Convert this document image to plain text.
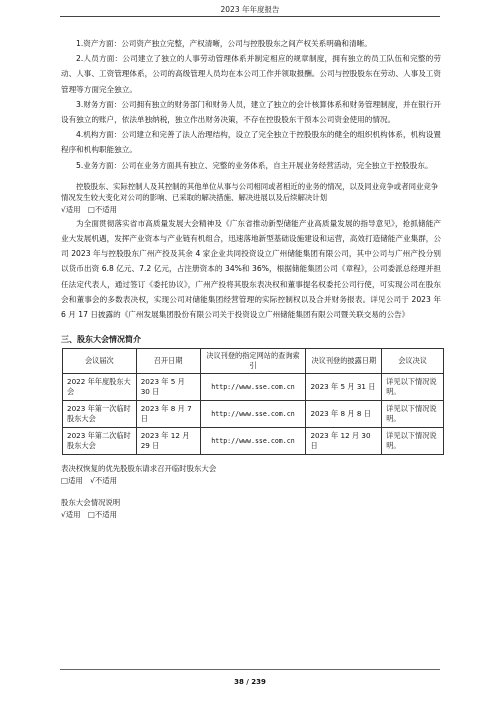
2023 年年度报告

1.资产方面：公司资产独立完整，产权清晰，公司与控股股东之间产权关系明确和清晰。

2.人员方面：公司建立了独立的人事劳动管理体系并制定相应的规章制度，拥有独立的员工队伍和完整的劳动、人事、工资管理体系，公司的高级管理人员均在本公司工作并领取报酬。公司与控股股东在劳动、人事及工资管理等方面完全独立。

3.财务方面：公司拥有独立的财务部门和财务人员，建立了独立的会计核算体系和财务管理制度，并在银行开设有独立的账户，依法单独纳税，独立作出财务决策，不存在控股股东干预本公司资金使用的情况。

4.机构方面：公司建立和完善了法人治理结构，设立了完全独立于控股股东的健全的组织机构体系，机构设置程序和机构职能独立。

5.业务方面：公司在业务方面具有独立、完整的业务体系，自主开展业务经营活动，完全独立于控股股东。

控股股东、实际控制人及其控制的其他单位从事与公司相同或者相近的业务的情况，以及同业竞争或者同业竞争情况发生较大变化对公司的影响、已采取的解决措施、解决进展以及后续解决计划

√适用　□不适用

为全面贯彻落实省市高质量发展大会精神及《广东省推动新型储能产业高质量发展的指导意见》，抢抓储能产业大发展机遇，发挥产业资本与产业链有机组合，迅速落地新型基础设施建设和运营，高效打造储能产业集群，公司 2023 年与控股股东广州产投及其余 4 家企业共同投资设立广州储能集团有限公司，其中公司与广州产投分别以货币出资 6.8 亿元、7.2 亿元，占注册资本的 34%和 36%，根据储能集团公司《章程》，公司委派总经理并担任法定代表人，通过签订《委托协议》，广州产投将其股东表决权和董事提名权委托公司行使，可实现公司在股东会和董事会的多数表决权，实现公司对储能集团经营管理的实际控制权以及合并财务报表。详见公司于 2023 年 6 月 17 日披露的《广州发展集团股份有限公司关于投资设立广州储能集团有限公司暨关联交易的公告》

三、股东大会情况简介
会议届次	召开日期	决议刊登的指定网站的查询索引	决议刊登的披露日期	会议决议
2022 年年度股东大会	2023 年 5 月 30 日	http://www.sse.com.cn	2023 年 5 月 31 日	详见以下情况说明。
2023 年第一次临时股东大会	2023 年 8 月 7 日	http://www.sse.com.cn	2023 年 8 月 8 日	详见以下情况说明。
2023 年第二次临时股东大会	2023 年 12 月 29 日	http://www.sse.com.cn	2023 年 12 月 30 日	详见以下情况说明。

表决权恢复的优先股股东请求召开临时股东大会

□适用　√不适用

股东大会情况说明

√适用　□不适用

38 / 239
